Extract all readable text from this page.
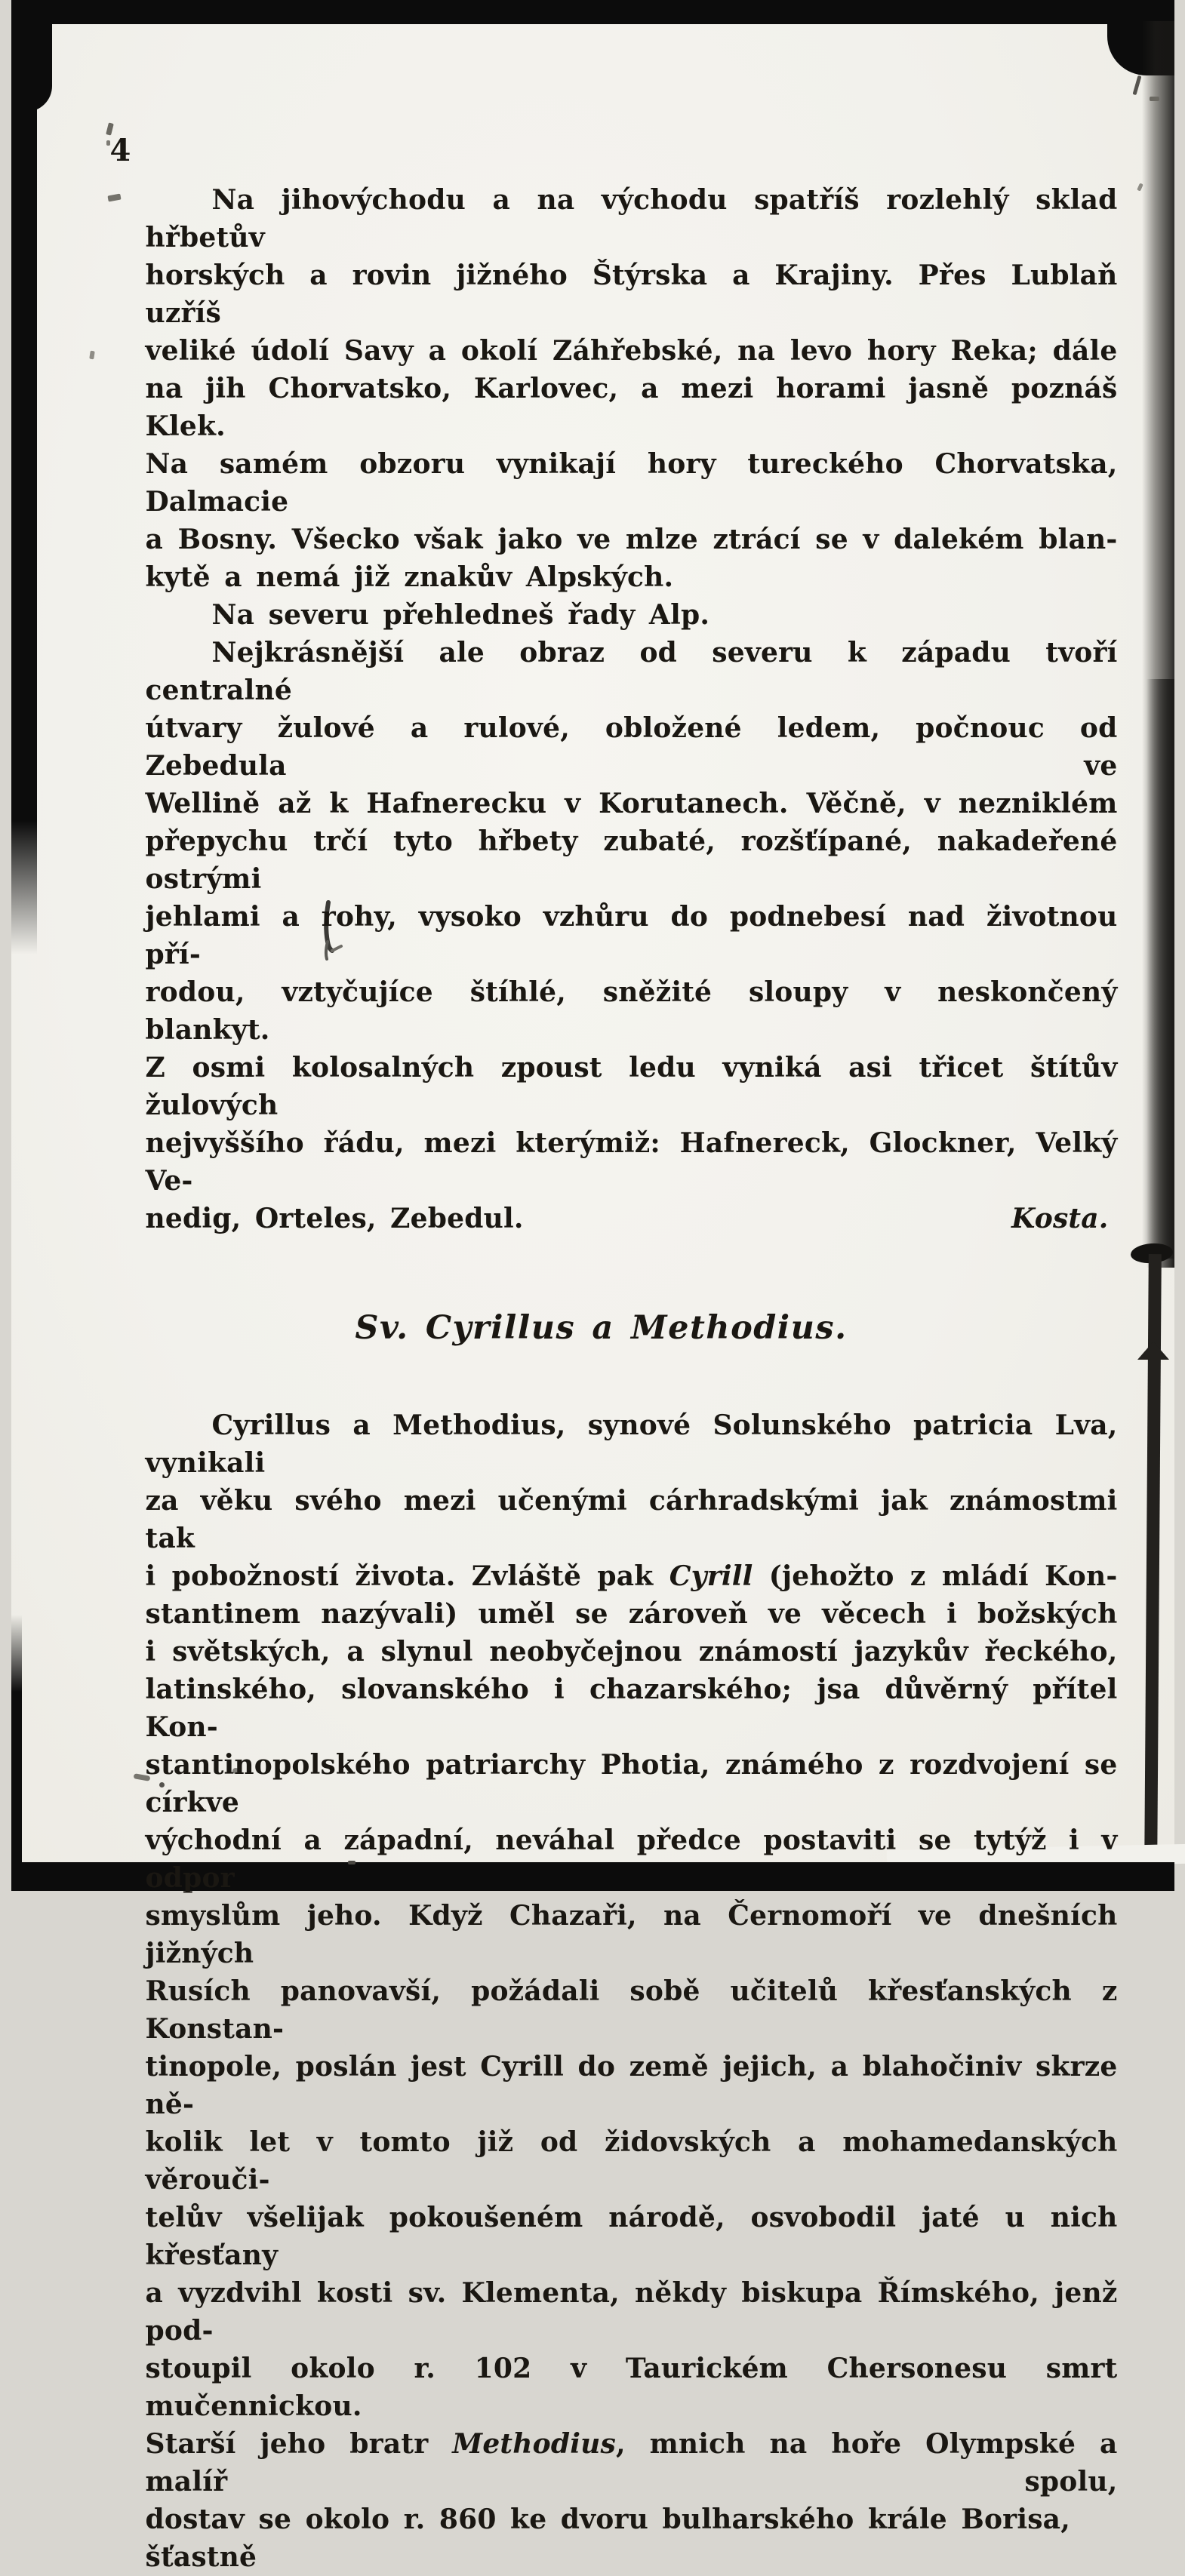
4
Na jihovýchodu a na východu spatříš rozlehlý sklad hřbetův
horských a rovin jižného Štýrska a Krajiny. Přes Lublaň uzříš
veliké údolí Savy a okolí Záhřebské, na levo hory Reka; dále
na jih Chorvatsko, Karlovec, a mezi horami jasně poznáš Klek.
Na samém obzoru vynikají hory tureckého Chorvatska, Dalmacie
a Bosny. Všecko však jako ve mlze ztrácí se v dalekém blan-
kytě a nemá již znakův Alpských.
Na severu přehledneš řady Alp.
Nejkrásnější ale obraz od severu k západu tvoří centralné
útvary žulové a rulové, obložené ledem, počnouc od Zebedula ve
Wellině až k Hafnerecku v Korutanech. Věčně, v nezniklém
přepychu trčí tyto hřbety zubaté, rozšťípané, nakadeřené ostrými
jehlami a rohy, vysoko vzhůru do podnebesí nad životnou pří-
rodou, vztyčujíce štíhlé, sněžité sloupy v neskončený blankyt.
Z osmi kolosalných zpoust ledu vyniká asi třicet štítův žulových
nejvyššího řádu, mezi kterýmiž: Hafnereck, Glockner, Velký Ve-
nedig, Orteles, Zebedul.	Kosta.
Sv. Cyrillus a Methodius.
Cyrillus a Methodius, synové Solunského patricia Lva, vynikali
za věku svého mezi učenými cárhradskými jak známostmi tak
i pobožností života. Zvláště pak Cyrill (jehožto z mládí Kon-
stantinem nazývali) uměl se zároveň ve věcech i božských
i světských, a slynul neobyčejnou známostí jazykův řeckého,
latinského, slovanského i chazarského; jsa důvěrný přítel Kon-
stantinopolského patriarchy Photia, známého z rozdvojení se církve
východní a západní, neváhal předce postaviti se tytýž i v odpor
smyslům jeho. Když Chazaři, na Černomoří ve dnešních jižných
Rusích panovavší, požádali sobě učitelů křesťanských z Konstan-
tinopole, poslán jest Cyrill do země jejich, a blahočiniv skrze ně-
kolik let v tomto již od židovských a mohamedanských věrouči-
telův všelijak pokoušeném národě, osvobodil jaté u nich křesťany
a vyzdvihl kosti sv. Klementa, někdy biskupa Římského, jenž pod-
stoupil okolo r. 102 v Taurickém Chersonesu smrt mučennickou.
Starší jeho bratr Methodius, mnich na hoře Olympské a malíř spolu,
dostav se okolo r. 860 ke dvoru bulharského krále Borisa, šťastně
